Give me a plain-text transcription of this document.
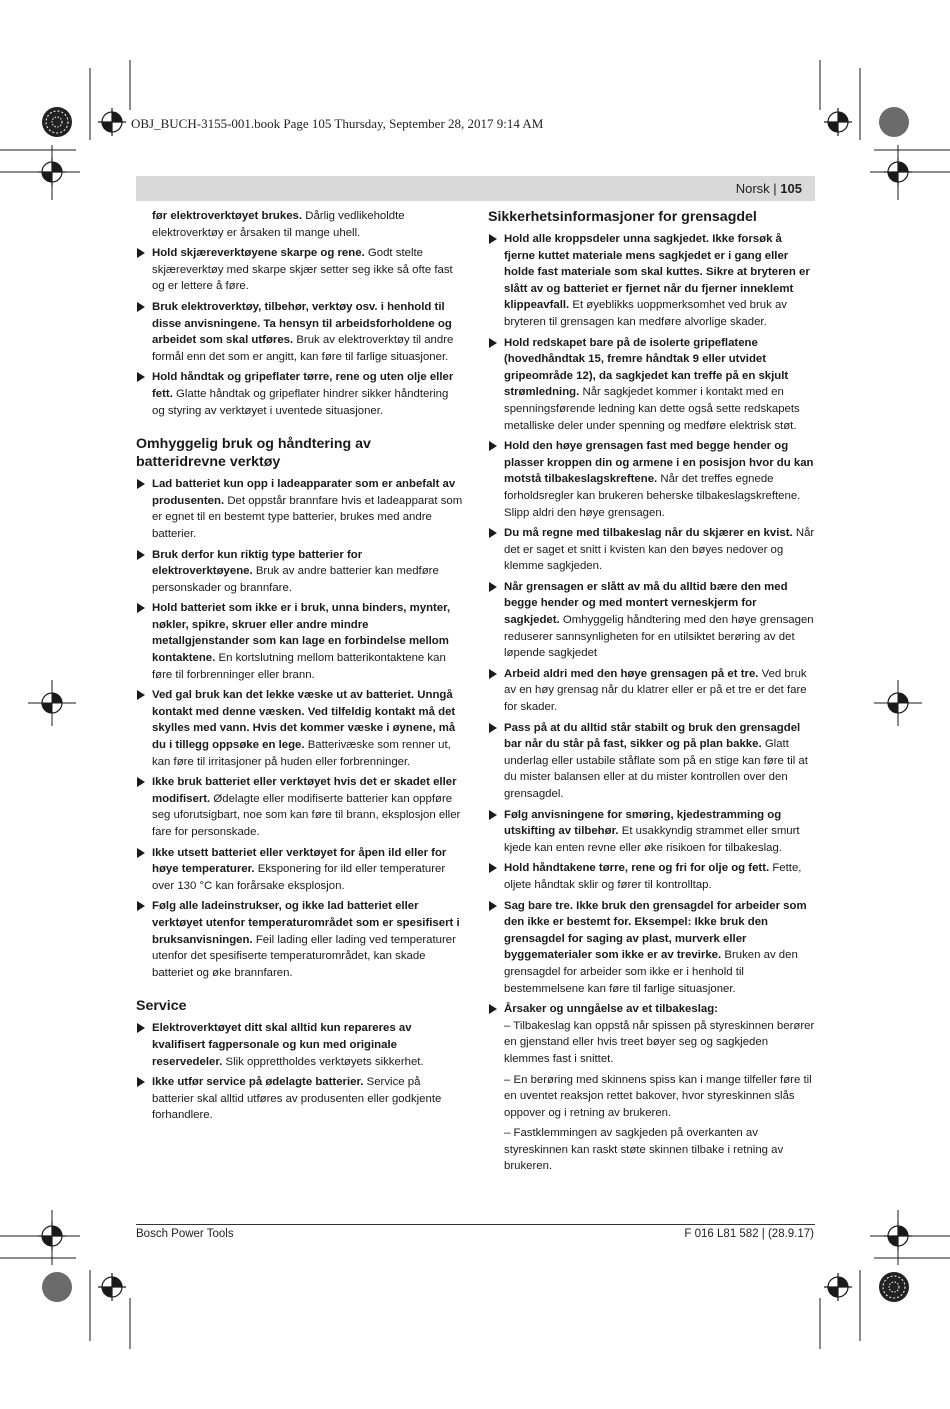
OBJ_BUCH-3155-001.book Page 105 Thursday, September 28, 2017 9:14 AM
Norsk | 105

før elektroverktøyet brukes. Dårlig vedlikeholdte elektroverktøy er årsaken til mange uhell.

Hold skjæreverktøyene skarpe og rene. Godt stelte skjæreverktøy med skarpe skjær setter seg ikke så ofte fast og er lettere å føre.
Bruk elektroverktøy, tilbehør, verktøy osv. i henhold til disse anvisningene. Ta hensyn til arbeidsforholdene og arbeidet som skal utføres. Bruk av elektroverktøy til andre formål enn det som er angitt, kan føre til farlige situasjoner.
Hold håndtak og gripeflater tørre, rene og uten olje eller fett. Glatte håndtak og gripeflater hindrer sikker håndtering og styring av verktøyet i uventede situasjoner.
Omhyggelig bruk og håndtering av batteridrevne verktøy
Lad batteriet kun opp i ladeapparater som er anbefalt av produsenten. Det oppstår brannfare hvis et ladeapparat som er egnet til en bestemt type batterier, brukes med andre batterier.
Bruk derfor kun riktig type batterier for elektroverktøyene. Bruk av andre batterier kan medføre personskader og brannfare.
Hold batteriet som ikke er i bruk, unna binders, mynter, nøkler, spikre, skruer eller andre mindre metallgjenstander som kan lage en forbindelse mellom kontaktene. En kortslutning mellom batterikontaktene kan føre til forbrenninger eller brann.
Ved gal bruk kan det lekke væske ut av batteriet. Unngå kontakt med denne væsken. Ved tilfeldig kontakt må det skylles med vann. Hvis det kommer væske i øynene, må du i tillegg oppsøke en lege. Batterivæske som renner ut, kan føre til irritasjoner på huden eller forbrenninger.
Ikke bruk batteriet eller verktøyet hvis det er skadet eller modifisert. Ødelagte eller modifiserte batterier kan oppføre seg uforutsigbart, noe som kan føre til brann, eksplosjon eller fare for personskade.
Ikke utsett batteriet eller verktøyet for åpen ild eller for høye temperaturer. Eksponering for ild eller temperaturer over 130 °C kan forårsake eksplosjon.
Følg alle ladeinstrukser, og ikke lad batteriet eller verktøyet utenfor temperaturområdet som er spesifisert i bruksanvisningen. Feil lading eller lading ved temperaturer utenfor det spesifiserte temperaturområdet, kan skade batteriet og øke brannfaren.
Service
Elektroverktøyet ditt skal alltid kun repareres av kvalifisert fagpersonale og kun med originale reservedeler. Slik opprettholdes verktøyets sikkerhet.
Ikke utfør service på ødelagte batterier. Service på batterier skal alltid utføres av produsenten eller godkjente forhandlere.
Sikkerhetsinformasjoner for grensagdel
Hold alle kroppsdeler unna sagkjedet. Ikke forsøk å fjerne kuttet materiale mens sagkjedet er i gang eller holde fast materiale som skal kuttes. Sikre at bryteren er slått av og batteriet er fjernet når du fjerner inneklemt klippeavfall. Et øyeblikks uoppmerksomhet ved bruk av bryteren til grensagen kan medføre alvorlige skader.
Hold redskapet bare på de isolerte gripeflatene (hovedhåndtak 15, fremre håndtak 9 eller utvidet gripeområde 12), da sagkjedet kan treffe på en skjult strømledning. Når sagkjedet kommer i kontakt med en spenningsførende ledning kan dette også sette redskapets metalliske deler under spenning og medføre elektrisk støt.
Hold den høye grensagen fast med begge hender og plasser kroppen din og armene i en posisjon hvor du kan motstå tilbakeslagskreftene. Når det treffes egnede forholdsregler kan brukeren beherske tilbakeslagskreftene. Slipp aldri den høye grensagen.
Du må regne med tilbakeslag når du skjærer en kvist. Når det er saget et snitt i kvisten kan den bøyes nedover og klemme sagkjeden.
Når grensagen er slått av må du alltid bære den med begge hender og med montert verneskjerm for sagkjedet. Omhyggelig håndtering med den høye grensagen reduserer sannsynligheten for en utilsiktet berøring av det løpende sagkjedet
Arbeid aldri med den høye grensagen på et tre. Ved bruk av en høy grensag når du klatrer eller er på et tre er det fare for skader.
Pass på at du alltid står stabilt og bruk den grensagdel bar når du står på fast, sikker og på plan bakke. Glatt underlag eller ustabile ståflate som på en stige kan føre til at du mister balansen eller at du mister kontrollen over den grensagdel.
Følg anvisningene for smøring, kjedestramming og utskifting av tilbehør. Et usakkyndig strammet eller smurt kjede kan enten revne eller øke risikoen for tilbakeslag.
Hold håndtakene tørre, rene og fri for olje og fett. Fette, oljete håndtak sklir og fører til kontrolltap.
Sag bare tre. Ikke bruk den grensagdel for arbeider som den ikke er bestemt for. Eksempel: Ikke bruk den grensagdel for saging av plast, murverk eller byggematerialer som ikke er av trevirke. Bruken av den grensagdel for arbeider som ikke er i henhold til bestemmelsene kan føre til farlige situasjoner.
Årsaker og unngåelse av et tilbakeslag:

– Tilbakeslag kan oppstå når spissen på styreskinnen berører en gjenstand eller hvis treet bøyer seg og sagkjeden klemmes fast i snittet.

– En berøring med skinnens spiss kan i mange tilfeller føre til en uventet reaksjon rettet bakover, hvor styreskinnen slås oppover og i retning av brukeren.

– Fastklemmingen av sagkjeden på overkanten av styreskinnen kan raskt støte skinnen tilbake i retning av brukeren.

Bosch Power Tools	F 016 L81 582 | (28.9.17)
